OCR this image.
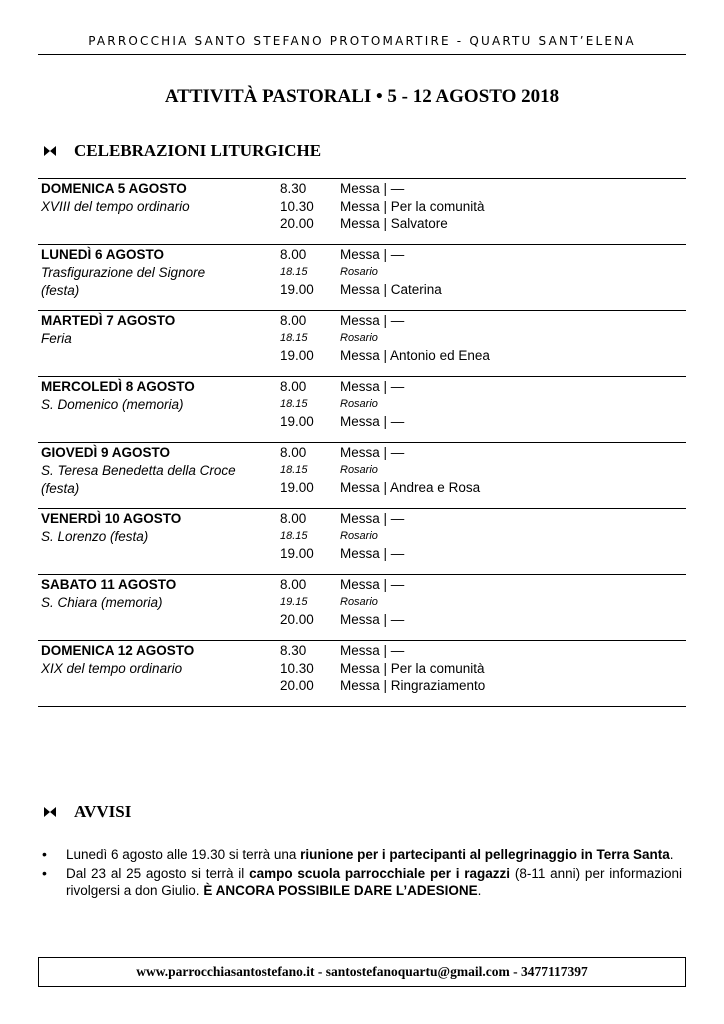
PARROCCHIA SANTO STEFANO PROTOMARTIRE - QUARTU SANT’ELENA
ATTIVITÀ PASTORALI • 5 - 12 AGOSTO 2018
CELEBRAZIONI LITURGICHE
DOMENICA 5 AGOSTO
XVIII del tempo ordinario
8.30	Messa | —
10.30	Messa | Per la comunità
20.00	Messa | Salvatore
LUNEDÌ 6 AGOSTO
Trasfigurazione del Signore
(festa)
8.00	Messa | —
18.15	Rosario
19.00	Messa | Caterina
MARTEDÌ 7 AGOSTO
Feria
8.00	Messa | —
18.15	Rosario
19.00	Messa | Antonio ed Enea
MERCOLEDÌ 8 AGOSTO
S. Domenico (memoria)
8.00	Messa | —
18.15	Rosario
19.00	Messa | —
GIOVEDÌ 9 AGOSTO
S. Teresa Benedetta della Croce
(festa)
8.00	Messa | —
18.15	Rosario
19.00	Messa | Andrea e Rosa
VENERDÌ 10 AGOSTO
S. Lorenzo (festa)
8.00	Messa | —
18.15	Rosario
19.00	Messa | —
SABATO 11 AGOSTO
S. Chiara (memoria)
8.00	Messa | —
19.15	Rosario
20.00	Messa | —
DOMENICA 12 AGOSTO
XIX del tempo ordinario
8.30	Messa | —
10.30	Messa | Per la comunità
20.00	Messa | Ringraziamento
AVVISI
• Lunedì 6 agosto alle 19.30 si terrà una riunione per i partecipanti al pellegrinaggio in Terra Santa.
• Dal 23 al 25 agosto si terrà il campo scuola parrocchiale per i ragazzi (8-11 anni) per informazioni rivolgersi a don Giulio. È ANCORA POSSIBILE DARE L’ADESIONE.
www.parrocchiasantostefano.it - santostefanoquartu@gmail.com - 3477117397
